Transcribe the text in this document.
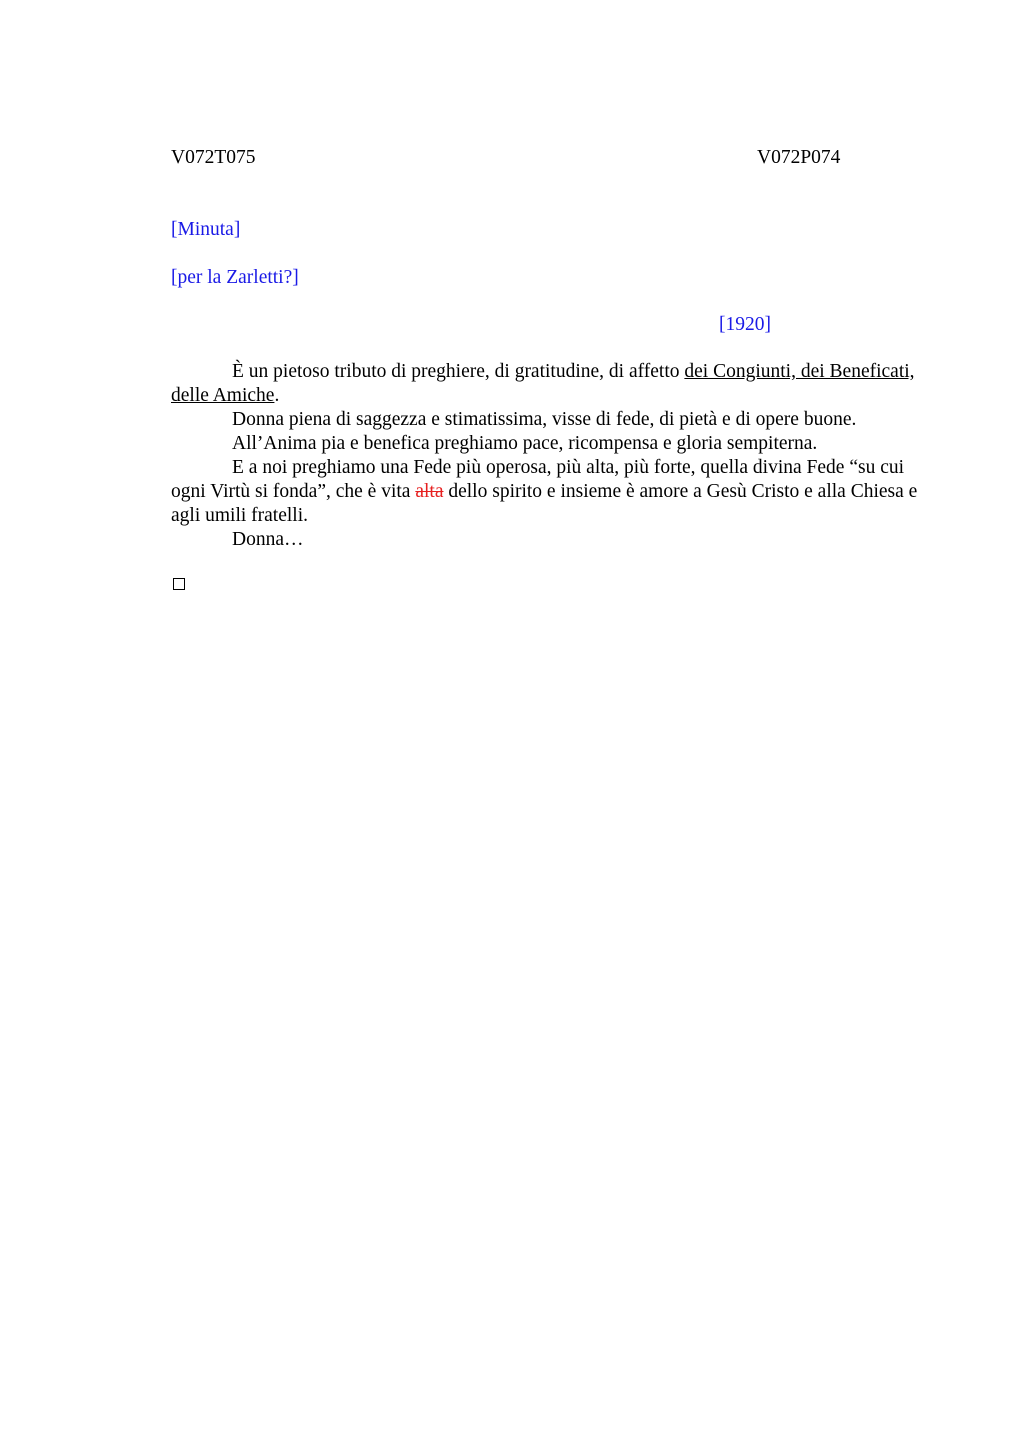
V072T075	V072P074
[Minuta]
[per la Zarletti?]
[1920]

È un pietoso tributo di preghiere, di gratitudine, di affetto dei Congiunti, dei Beneficati, delle Amiche.

Donna piena di saggezza e stimatissima, visse di fede, di pietà e di opere buone.

All’Anima pia e benefica preghiamo pace, ricompensa e gloria sempiterna.

E a noi preghiamo una Fede più operosa, più alta, più forte, quella divina Fede “su cui ogni Virtù si fonda”, che è vita alta dello spirito e insieme è amore a Gesù Cristo e alla Chiesa e agli umili fratelli.

Donna…
